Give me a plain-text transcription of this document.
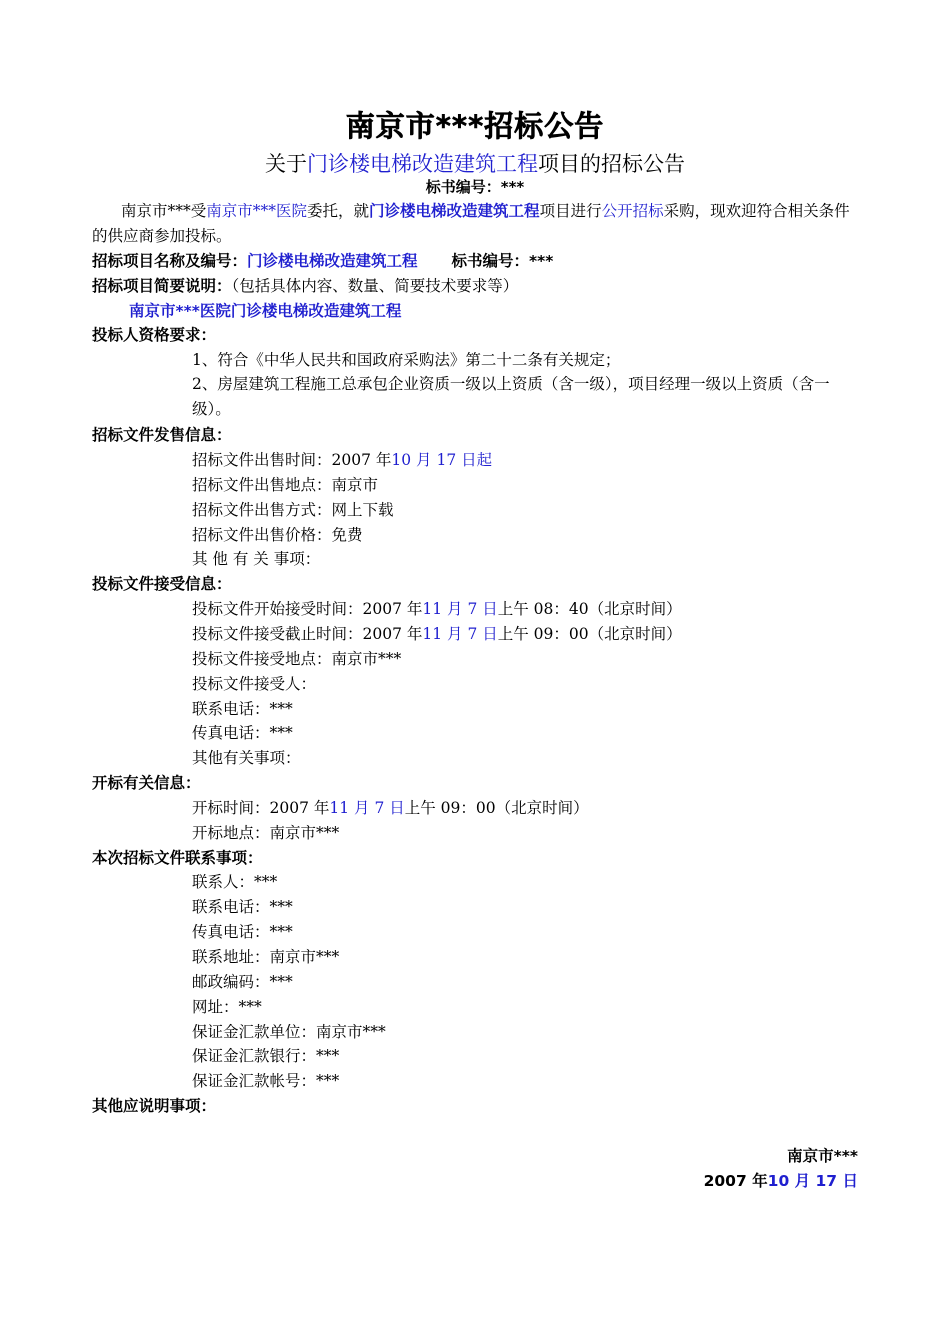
南京市***招标公告
关于门诊楼电梯改造建筑工程项目的招标公告
标书编号：***
南京市***受南京市***医院委托，就门诊楼电梯改造建筑工程项目进行公开招标采购，现欢迎符合相关条件的供应商参加投标。
招标项目名称及编号：门诊楼电梯改造建筑工程 标书编号：***
招标项目简要说明：（包括具体内容、数量、简要技术要求等）
南京市***医院门诊楼电梯改造建筑工程
投标人资格要求：
1、符合《中华人民共和国政府采购法》第二十二条有关规定；
2、房屋建筑工程施工总承包企业资质一级以上资质（含一级），项目经理一级以上资质（含一级）。
招标文件发售信息：
招标文件出售时间：2007 年10 月 17 日起
招标文件出售地点：南京市
招标文件出售方式：网上下载
招标文件出售价格：免费
其 他 有 关 事项：
投标文件接受信息：
投标文件开始接受时间：2007 年11 月 7 日上午 08：40（北京时间）
投标文件接受截止时间：2007 年11 月 7 日上午 09：00（北京时间）
投标文件接受地点：南京市***
投标文件接受人：
联系电话：***
传真电话：***
其他有关事项：
开标有关信息：
开标时间：2007 年11 月 7 日上午 09：00（北京时间）
开标地点：南京市***
本次招标文件联系事项：
联系人：***
联系电话：***
传真电话：***
联系地址：南京市***
邮政编码：***
网址：***
保证金汇款单位：南京市***
保证金汇款银行：***
保证金汇款帐号：***
其他应说明事项：
南京市***
2007 年10 月 17 日
